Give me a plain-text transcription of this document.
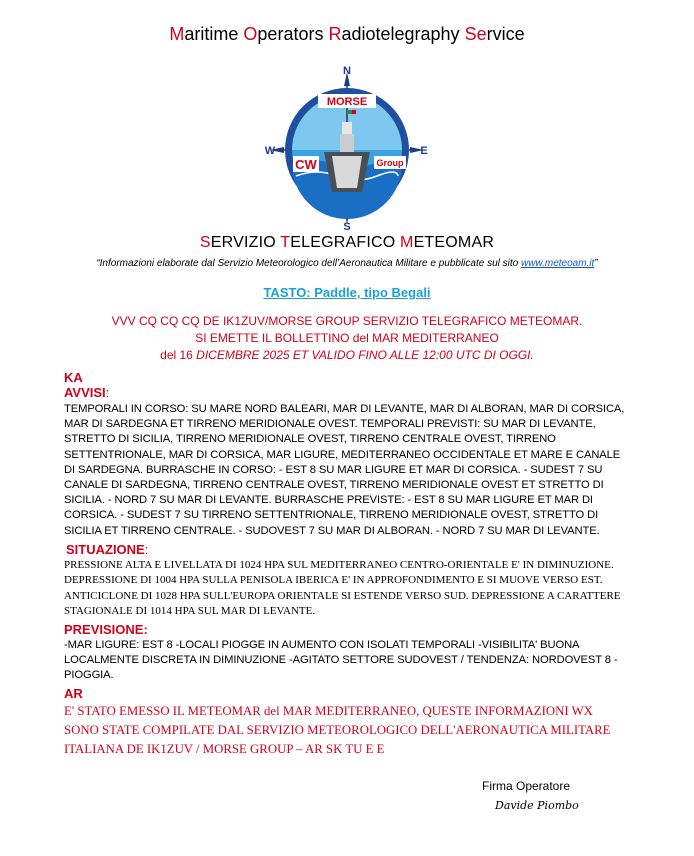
Maritime Operators Radiotelegraphy Service
MORSE
CW	Group
N
S
W	E
SERVIZIO TELEGRAFICO METEOMAR
“Informazioni elaborate dal Servizio Meteorologico dell’Aeronautica Militare e pubblicate sul sito www.meteoam.it”
TASTO: Paddle, tipo Begali
VVV CQ CQ CQ DE IK1ZUV/MORSE GROUP SERVIZIO TELEGRAFICO METEOMAR.
SI EMETTE IL BOLLETTINO del MAR MEDITERRANEO
del 16 DICEMBRE 2025 ET VALIDO FINO ALLE 12:00 UTC DI OGGI.
KA
AVVISI:
TEMPORALI IN CORSO: SU MARE NORD BALEARI, MAR DI LEVANTE, MAR DI ALBORAN, MAR DI CORSICA, MAR DI SARDEGNA ET TIRRENO MERIDIONALE OVEST. TEMPORALI PREVISTI: SU MAR DI LEVANTE, STRETTO DI SICILIA, TIRRENO MERIDIONALE OVEST, TIRRENO CENTRALE OVEST, TIRRENO SETTENTRIONALE, MAR DI CORSICA, MAR LIGURE, MEDITERRANEO OCCIDENTALE ET MARE E CANALE DI SARDEGNA. BURRASCHE IN CORSO: - EST 8 SU MAR LIGURE ET MAR DI CORSICA. - SUDEST 7 SU CANALE DI SARDEGNA, TIRRENO CENTRALE OVEST, TIRRENO MERIDIONALE OVEST ET STRETTO DI SICILIA. - NORD 7 SU MAR DI LEVANTE. BURRASCHE PREVISTE: - EST 8 SU MAR LIGURE ET MAR DI CORSICA. - SUDEST 7 SU TIRRENO SETTENTRIONALE, TIRRENO MERIDIONALE OVEST, STRETTO DI SICILIA ET TIRRENO CENTRALE. - SUDOVEST 7 SU MAR DI ALBORAN. - NORD 7 SU MAR DI LEVANTE.
SITUAZIONE:
PRESSIONE ALTA E LIVELLATA DI 1024 HPA SUL MEDITERRANEO CENTRO-ORIENTALE E' IN DIMINUZIONE. DEPRESSIONE DI 1004 HPA SULLA PENISOLA IBERICA E' IN APPROFONDIMENTO E SI MUOVE VERSO EST. ANTICICLONE DI 1028 HPA SULL'EUROPA ORIENTALE SI ESTENDE VERSO SUD. DEPRESSIONE A CARATTERE STAGIONALE DI 1014 HPA SUL MAR DI LEVANTE.
PREVISIONE:
-MAR LIGURE: EST 8 -LOCALI PIOGGE IN AUMENTO CON ISOLATI TEMPORALI -VISIBILITA' BUONA LOCALMENTE DISCRETA IN DIMINUZIONE -AGITATO SETTORE SUDOVEST / TENDENZA: NORDOVEST 8 - PIOGGIA.
AR
E' STATO EMESSO IL METEOMAR del MAR MEDITERRANEO, QUESTE INFORMAZIONI WX SONO STATE COMPILATE DAL SERVIZIO METEOROLOGICO DELL'AERONAUTICA MILITARE ITALIANA DE IK1ZUV / MORSE GROUP – AR SK TU E E
Firma Operatore
Davide Piombo
